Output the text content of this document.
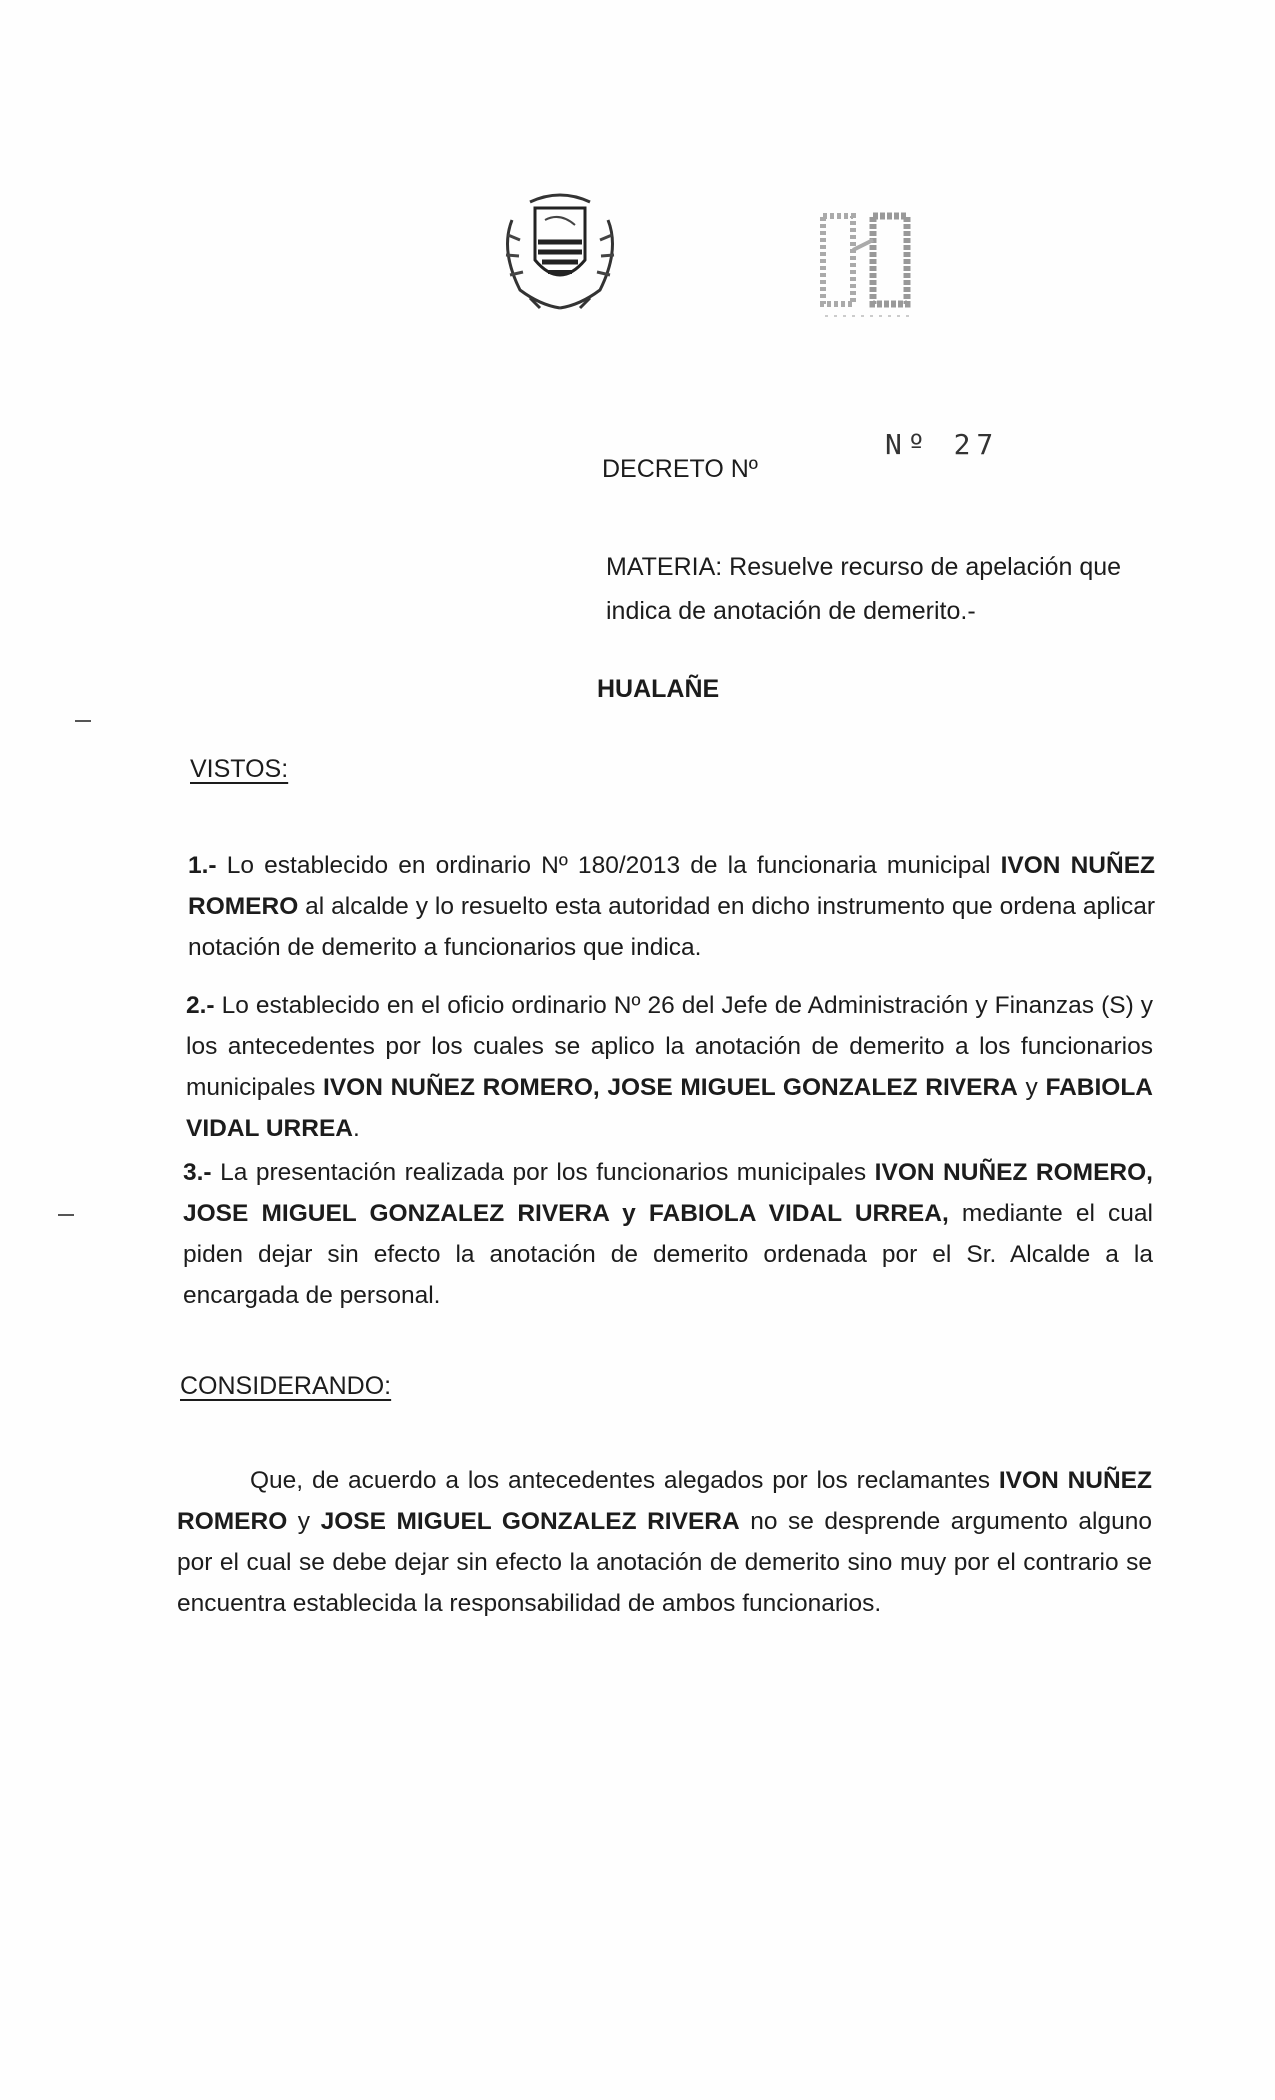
DECRETO Nº
Nº 27
MATERIA: Resuelve recurso de apelación que
indica de anotación de demerito.-
HUALAÑE
VISTOS:
1.- Lo establecido en ordinario Nº 180/2013 de la funcionaria municipal IVON NUÑEZ ROMERO al alcalde y lo resuelto esta autoridad en dicho instrumento que ordena aplicar notación de demerito a funcionarios que indica.
2.- Lo establecido en el oficio ordinario Nº 26 del Jefe de Administración y Finanzas (S) y los antecedentes por los cuales se aplico la anotación de demerito a los funcionarios municipales IVON NUÑEZ ROMERO, JOSE MIGUEL GONZALEZ RIVERA y FABIOLA VIDAL URREA.
3.- La presentación realizada por los funcionarios municipales IVON NUÑEZ ROMERO, JOSE MIGUEL GONZALEZ RIVERA y FABIOLA VIDAL URREA, mediante el cual piden dejar sin efecto la anotación de demerito ordenada por el Sr. Alcalde a la encargada de personal.
CONSIDERANDO:
Que, de acuerdo a los antecedentes alegados por los reclamantes IVON NUÑEZ ROMERO y JOSE MIGUEL GONZALEZ RIVERA no se desprende argumento alguno por el cual se debe dejar sin efecto la anotación de demerito sino muy por el contrario se encuentra establecida la responsabilidad de ambos funcionarios.
